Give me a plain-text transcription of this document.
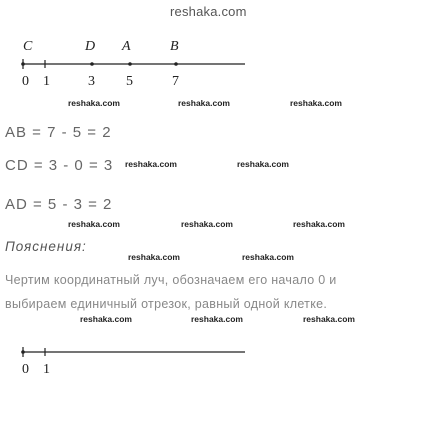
reshaka.com
C	D A	B
0 1	3 5	7
reshaka.com	reshaka.com	reshaka.com
AB = 7 - 5 = 2
CD = 3 - 0 = 3 reshaka.com	reshaka.com
AD = 5 - 3 = 2
reshaka.com	reshaka.com	reshaka.com
Пояснения:
reshaka.com	reshaka.com
Чертим координатный луч, обозначаем его начало 0 и
выбираем единичный отрезок, равный одной клетке.
reshaka.com	reshaka.com	reshaka.com
0 1
